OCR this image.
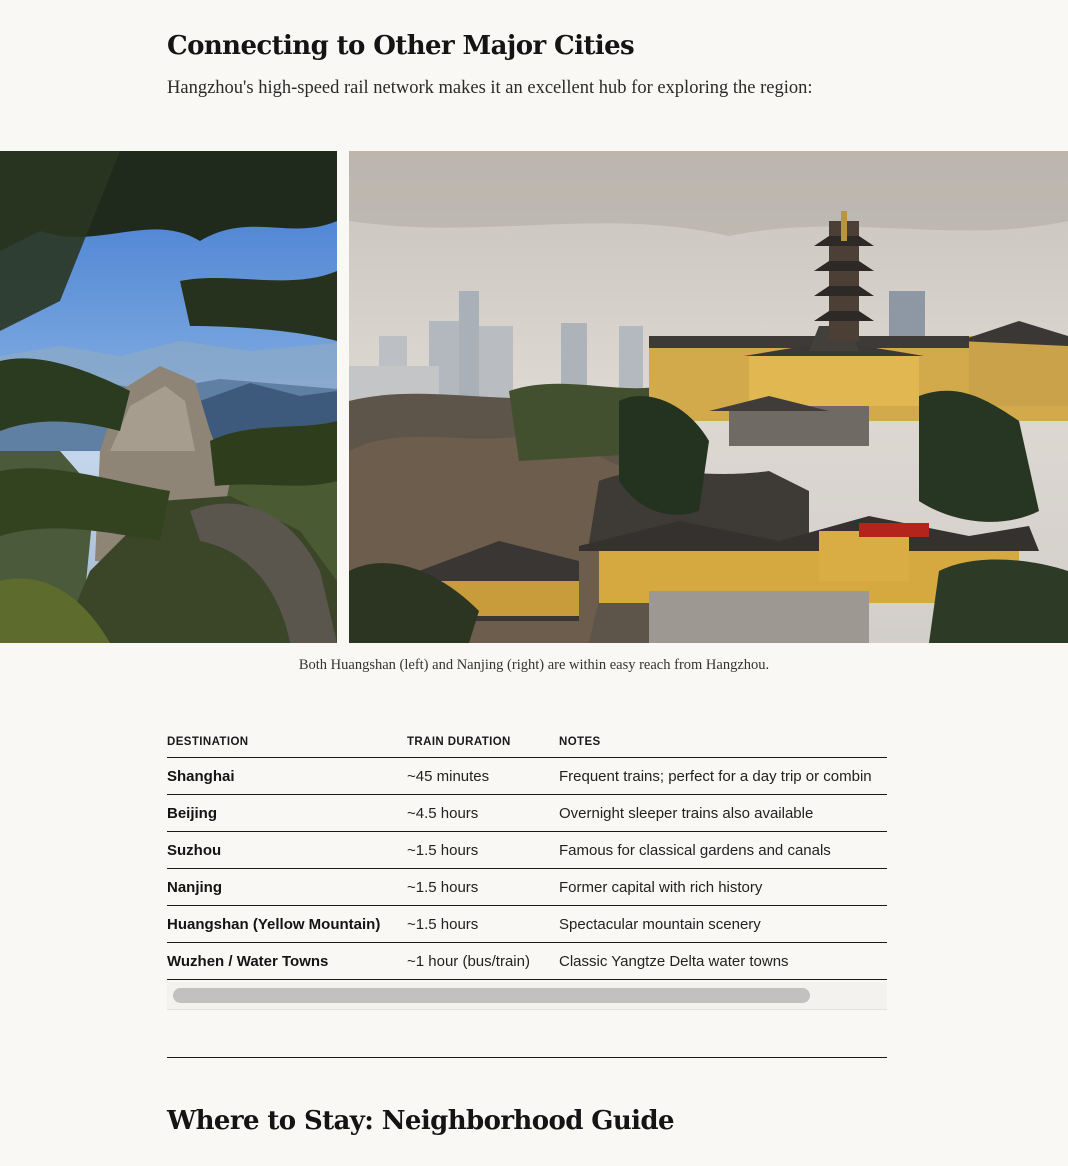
Connecting to Other Major Cities

Hangzhou's high-speed rail network makes it an excellent hub for exploring the region:

Both Huangshan (left) and Nanjing (right) are within easy reach from Hangzhou.

DESTINATION	TRAIN DURATION	NOTES
Shanghai	~45 minutes	Frequent trains; perfect for a day trip or combin
Beijing	~4.5 hours	Overnight sleeper trains also available
Suzhou	~1.5 hours	Famous for classical gardens and canals
Nanjing	~1.5 hours	Former capital with rich history
Huangshan (Yellow Mountain)	~1.5 hours	Spectacular mountain scenery
Wuzhen / Water Towns	~1 hour (bus/train)	Classic Yangtze Delta water towns
Where to Stay: Neighborhood Guide
